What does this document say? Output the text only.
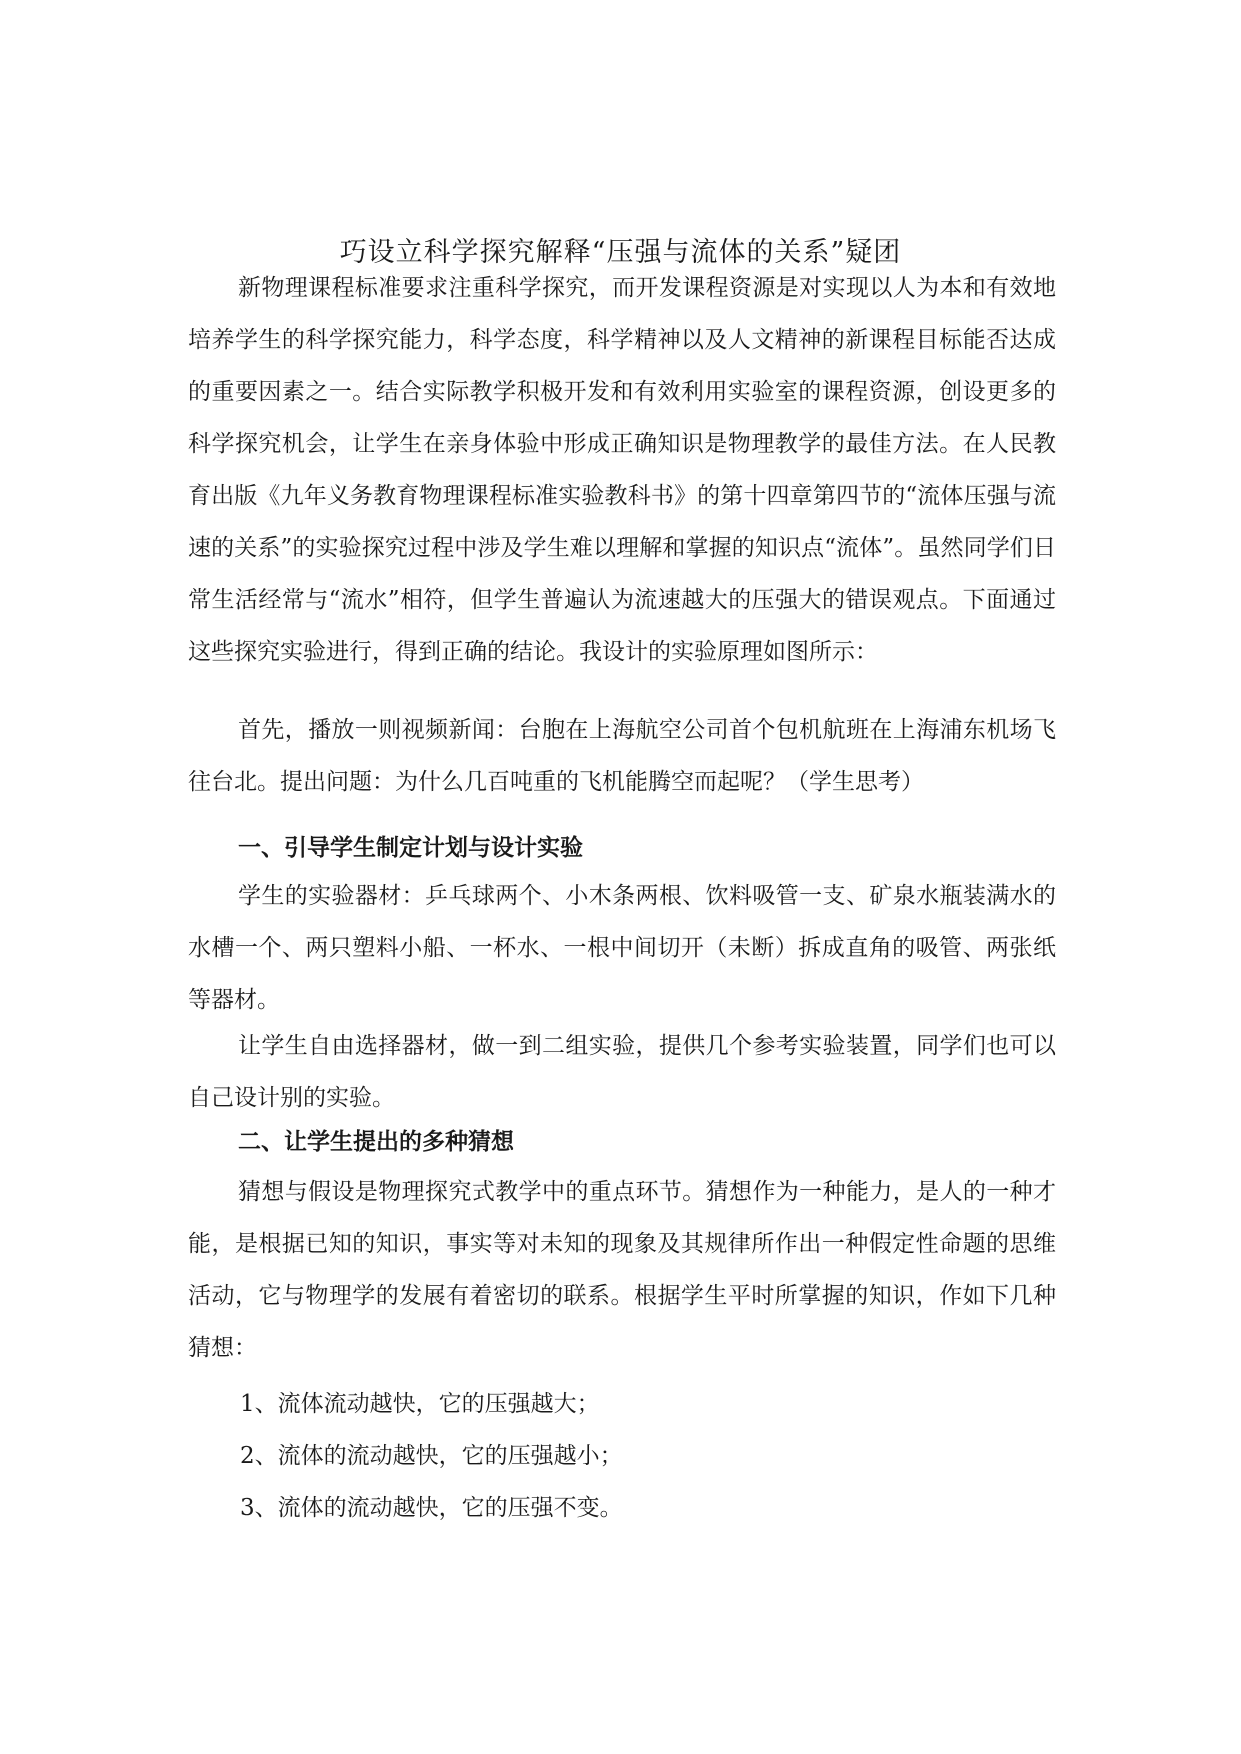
巧设立科学探究解释“压强与流体的关系”疑团

新物理课程标准要求注重科学探究，而开发课程资源是对实现以人为本和有效地培养学生的科学探究能力，科学态度，科学精神以及人文精神的新课程目标能否达成的重要因素之一。结合实际教学积极开发和有效利用实验室的课程资源，创设更多的科学探究机会，让学生在亲身体验中形成正确知识是物理教学的最佳方法。在人民教育出版《九年义务教育物理课程标准实验教科书》的第十四章第四节的“流体压强与流速的关系”的实验探究过程中涉及学生难以理解和掌握的知识点“流体”。虽然同学们日常生活经常与“流水”相符，但学生普遍认为流速越大的压强大的错误观点。下面通过这些探究实验进行，得到正确的结论。我设计的实验原理如图所示：

首先，播放一则视频新闻：台胞在上海航空公司首个包机航班在上海浦东机场飞往台北。提出问题：为什么几百吨重的飞机能腾空而起呢？（学生思考）

一、引导学生制定计划与设计实验

学生的实验器材：乒乓球两个、小木条两根、饮料吸管一支、矿泉水瓶装满水的水槽一个、两只塑料小船、一杯水、一根中间切开（未断）拆成直角的吸管、两张纸等器材。

让学生自由选择器材，做一到二组实验，提供几个参考实验装置，同学们也可以自己设计别的实验。

二、让学生提出的多种猜想

猜想与假设是物理探究式教学中的重点环节。猜想作为一种能力，是人的一种才能，是根据已知的知识，事实等对未知的现象及其规律所作出一种假定性命题的思维活动，它与物理学的发展有着密切的联系。根据学生平时所掌握的知识，作如下几种猜想：

1、流体流动越快，它的压强越大；

2、流体的流动越快，它的压强越小；

3、流体的流动越快，它的压强不变。
